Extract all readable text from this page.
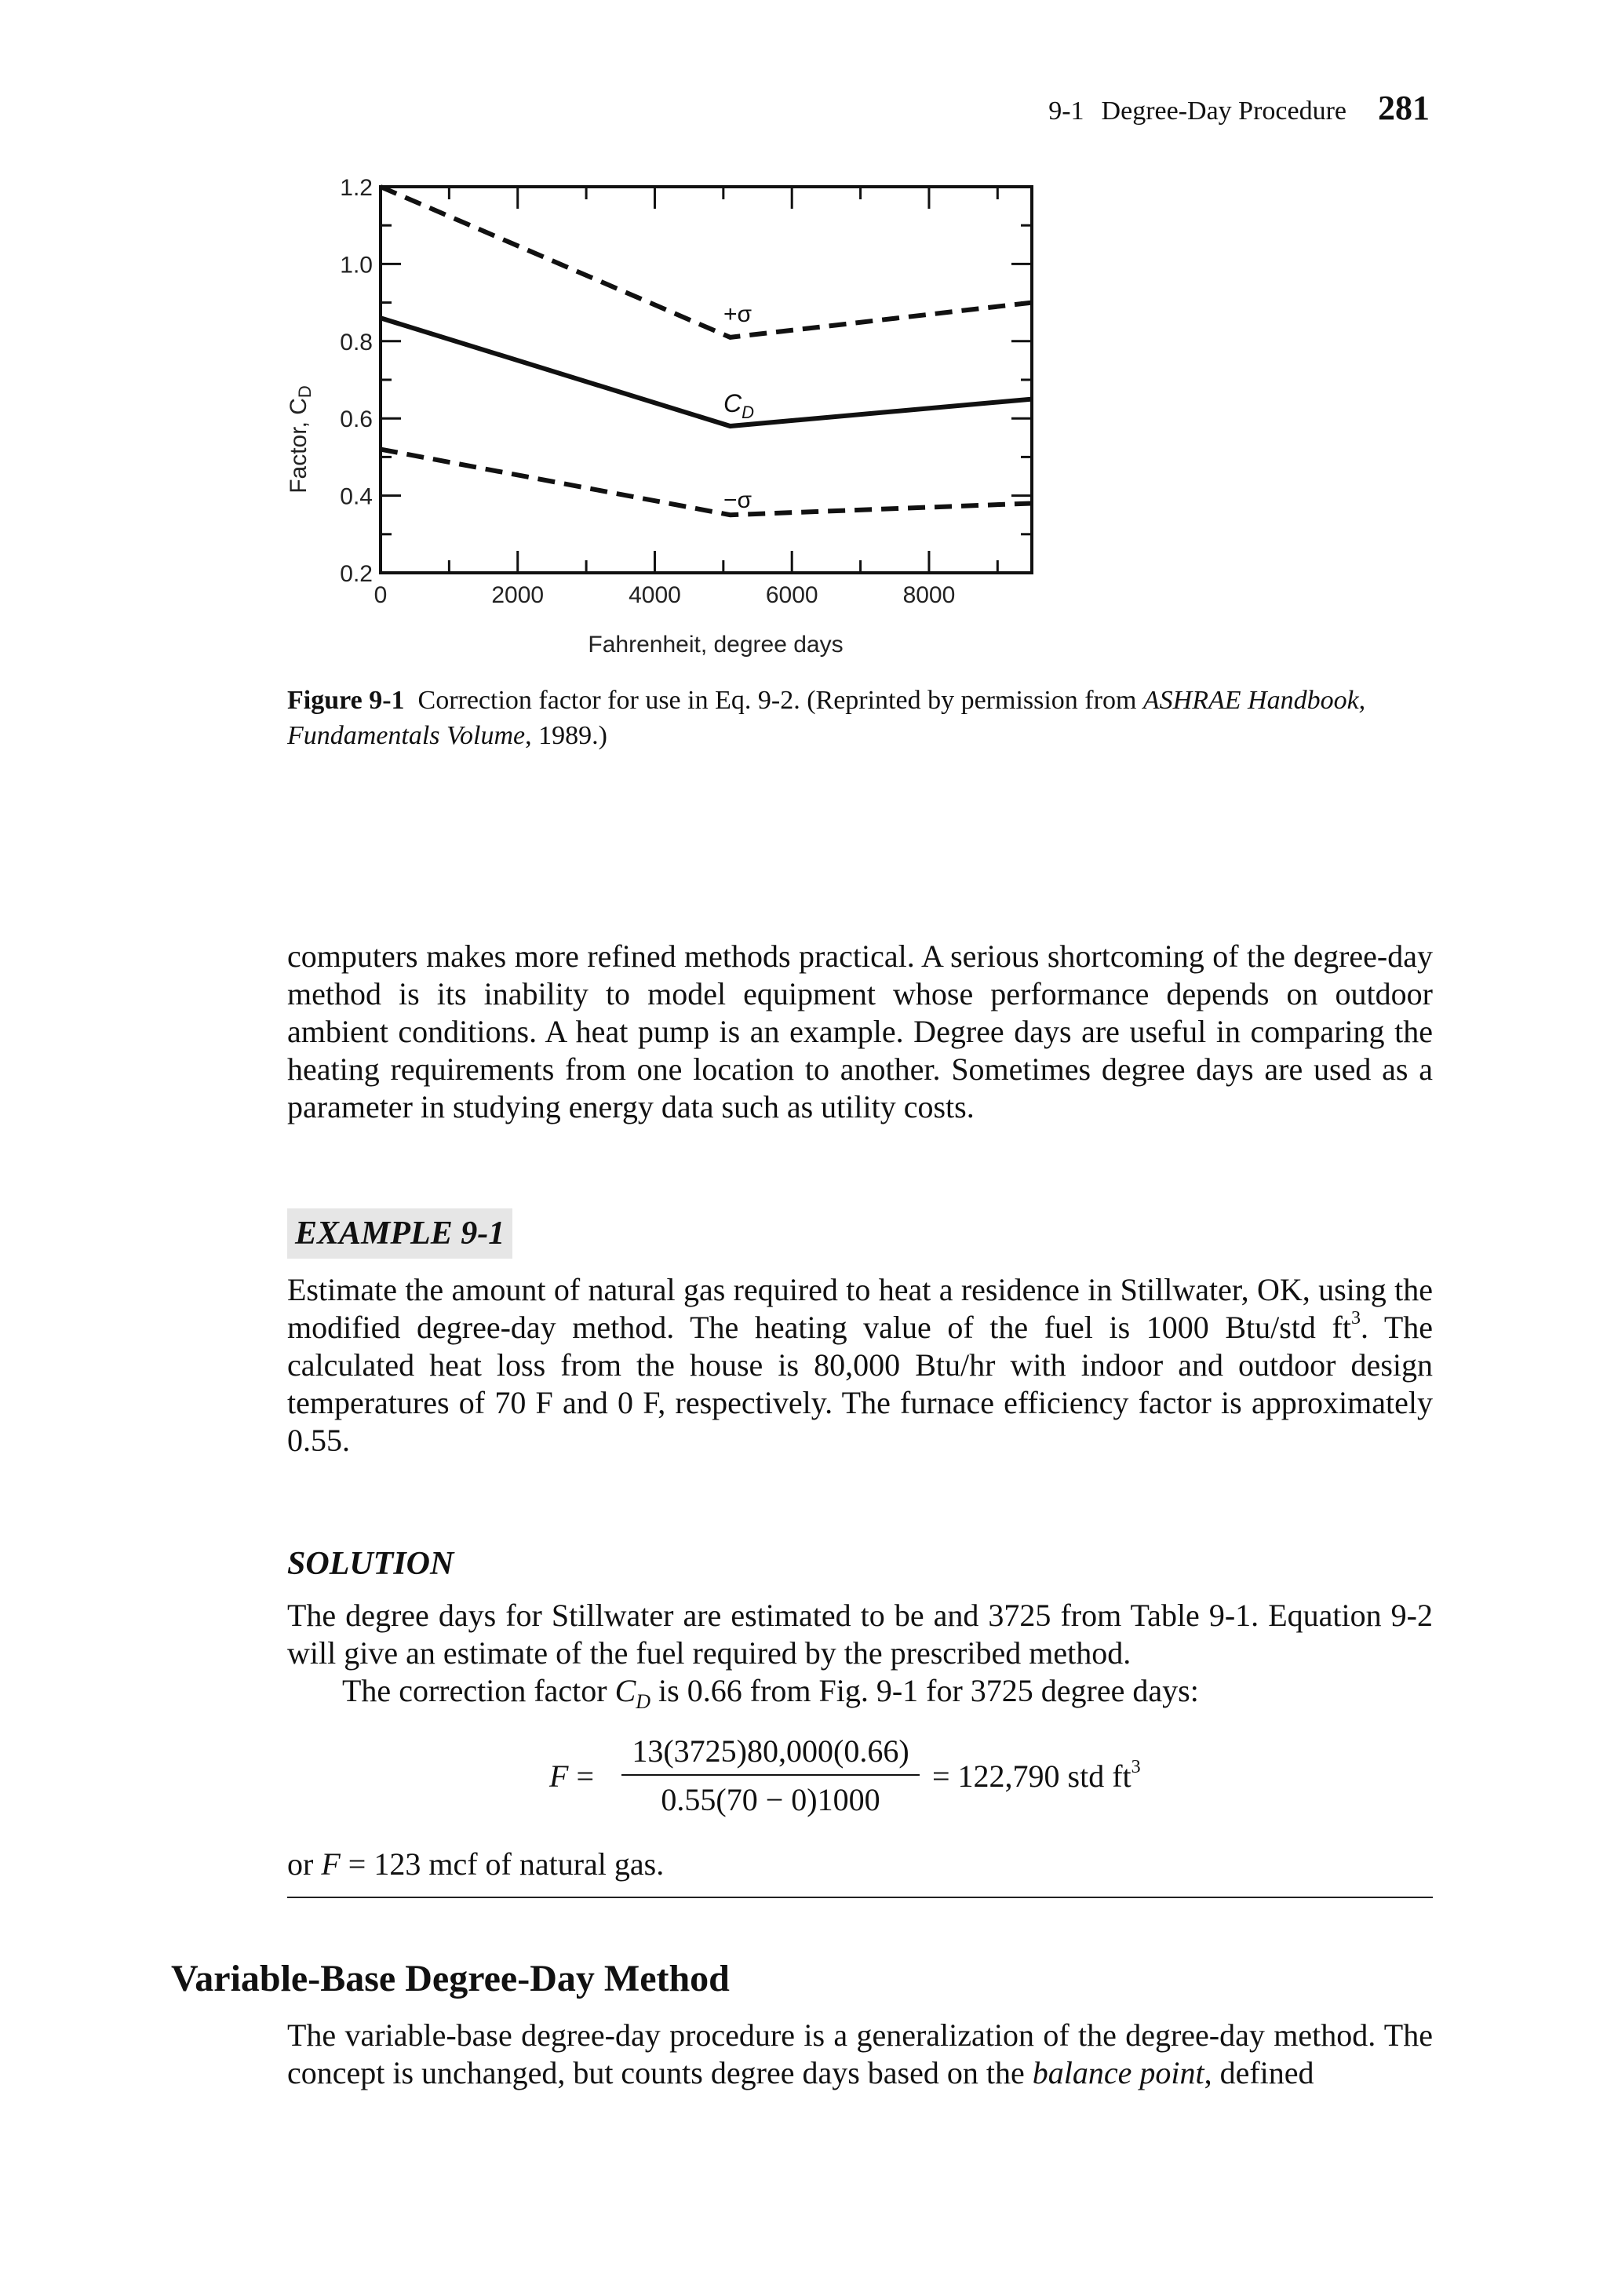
9-1 Degree-Day Procedure 281
0	2000	4000	6000	8000
0.2
0.4
0.6
0.8
1.0
1.2
+σ
$C_D$
−σ
Fahrenheit, degree days
Factor, $C_D$
Figure 9-1 Correction factor for use in Eq. 9-2. (Reprinted by permission from ASHRAE Handbook, Fundamentals Volume, 1989.)
computers makes more refined methods practical. A serious shortcoming of the degree-day method is its inability to model equipment whose performance depends on outdoor ambient conditions. A heat pump is an example. Degree days are useful in comparing the heating requirements from one location to another. Sometimes degree days are used as a parameter in studying energy data such as utility costs.
EXAMPLE 9-1
Estimate the amount of natural gas required to heat a residence in Stillwater, OK, using the modified degree-day method. The heating value of the fuel is 1000 Btu/std $ft^3$. The calculated heat loss from the house is 80,000 Btu/hr with indoor and outdoor design temperatures of 70 F and 0 F, respectively. The furnace efficiency factor is approximately 0.55.
SOLUTION
The degree days for Stillwater are estimated to be and 3725 from Table 9-1. Equation 9-2 will give an estimate of the fuel required by the prescribed method.
The correction factor $C_D$ is 0.66 from Fig. 9-1 for 3725 degree days:
F =
13(3725)80,000(0.66)
0.55(70 − 0)1000
= 122,790 std $ft^3$
or F = 123 mcf of natural gas.
Variable-Base Degree-Day Method
The variable-base degree-day procedure is a generalization of the degree-day method. The concept is unchanged, but counts degree days based on the balance point, defined
